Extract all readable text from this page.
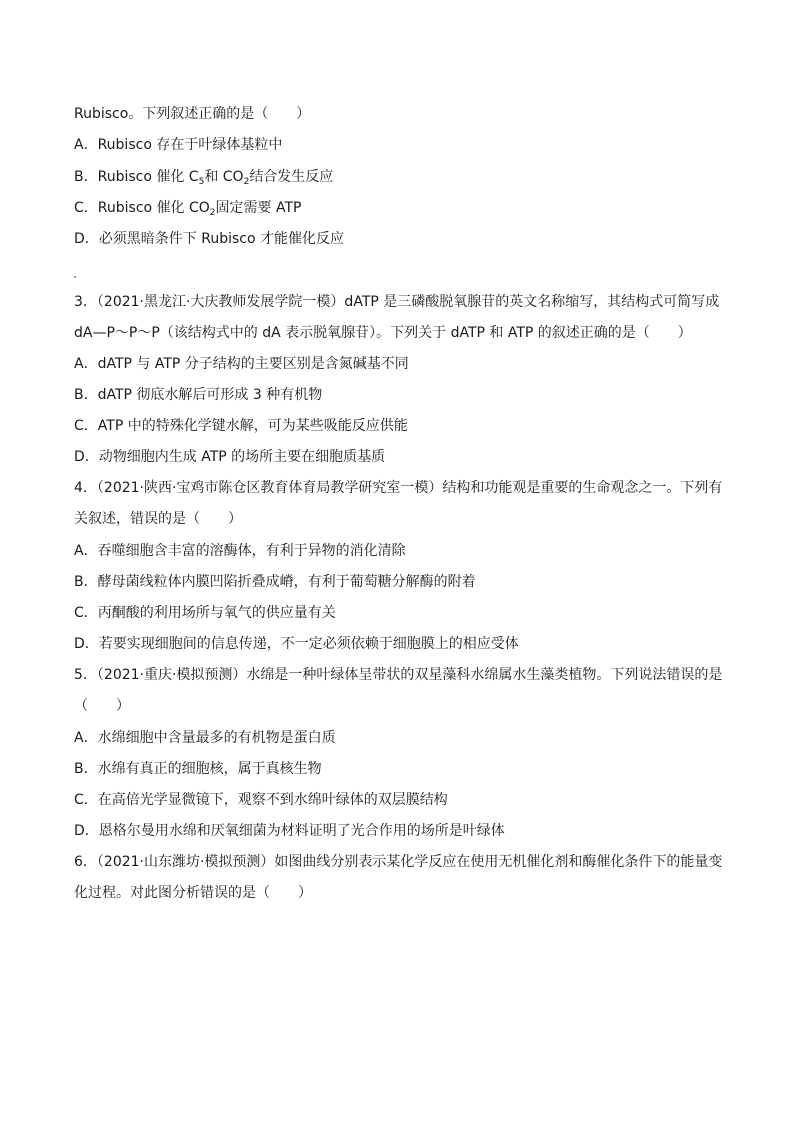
Rubisco。下列叙述正确的是（　　）
A．Rubisco 存在于叶绿体基粒中
B．Rubisco 催化 $C_5$和 $CO_2$结合发生反应
C．Rubisco 催化 $CO_2$固定需要 ATP
D．必须黑暗条件下 Rubisco 才能催化反应
3．（2021·黑龙江·大庆教师发展学院一模）dATP 是三磷酸脱氧腺苷的英文名称缩写，其结构式可简写成
dA—P～P～P（该结构式中的 dA 表示脱氧腺苷）。下列关于 dATP 和 ATP 的叙述正确的是（　　）
A．dATP 与 ATP 分子结构的主要区别是含氮碱基不同
B．dATP 彻底水解后可形成 3 种有机物
C．ATP 中的特殊化学键水解，可为某些吸能反应供能
D．动物细胞内生成 ATP 的场所主要在细胞质基质
4．（2021·陕西·宝鸡市陈仓区教育体育局教学研究室一模）结构和功能观是重要的生命观念之一。下列有
关叙述，错误的是（　　）
A．吞噬细胞含丰富的溶酶体，有利于异物的消化清除
B．酵母菌线粒体内膜凹陷折叠成嵴，有利于葡萄糖分解酶的附着
C．丙酮酸的利用场所与氧气的供应量有关
D．若要实现细胞间的信息传递，不一定必须依赖于细胞膜上的相应受体
5．（2021·重庆·模拟预测）水绵是一种叶绿体呈带状的双星藻科水绵属水生藻类植物。下列说法错误的是
（　　）
A．水绵细胞中含量最多的有机物是蛋白质
B．水绵有真正的细胞核，属于真核生物
C．在高倍光学显微镜下，观察不到水绵叶绿体的双层膜结构
D．恩格尔曼用水绵和厌氧细菌为材料证明了光合作用的场所是叶绿体
6．（2021·山东潍坊·模拟预测）如图曲线分别表示某化学反应在使用无机催化剂和酶催化条件下的能量变
化过程。对此图分析错误的是（　　）
